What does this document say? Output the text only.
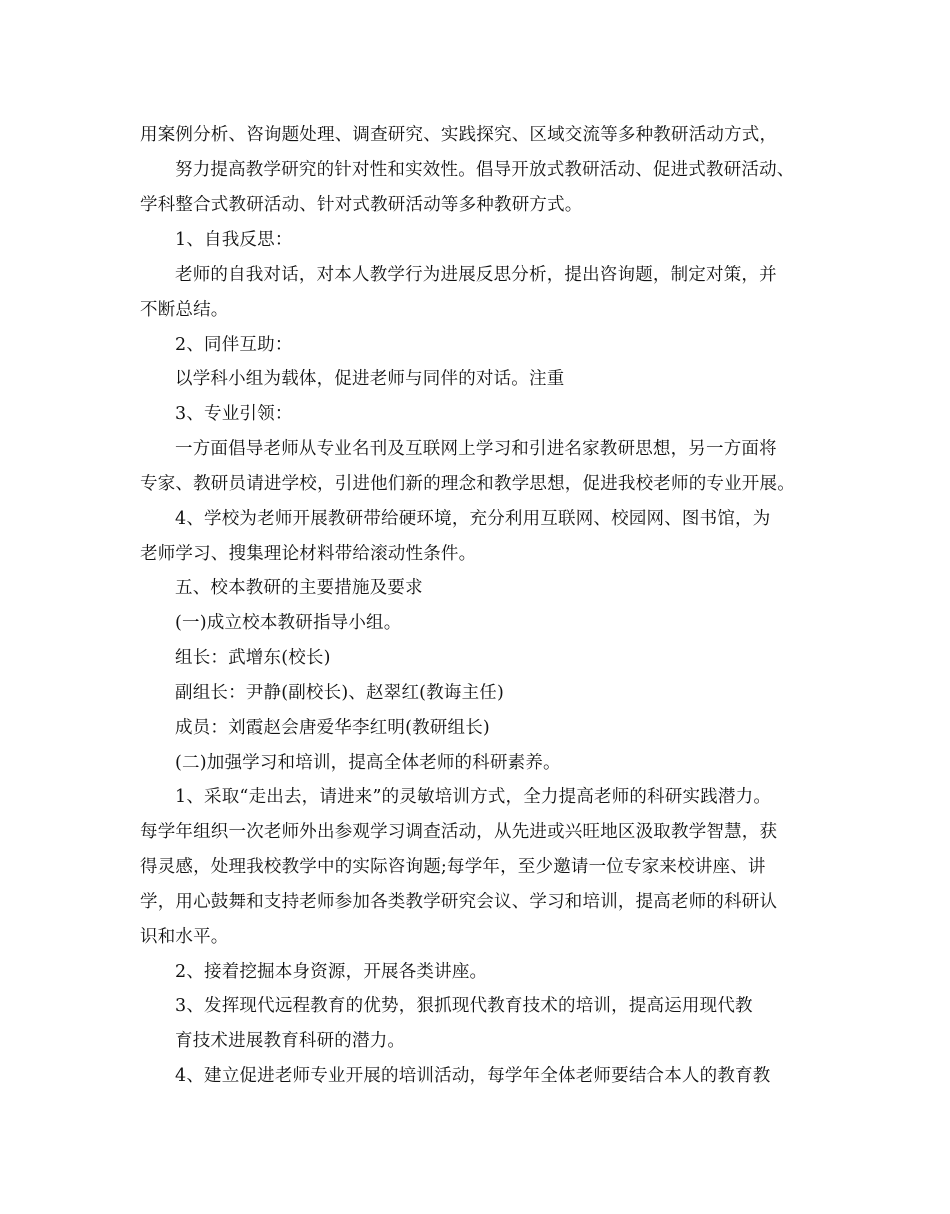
用案例分析、咨询题处理、调查研究、实践探究、区域交流等多种教研活动方式，
努力提高教学研究的针对性和实效性。倡导开放式教研活动、促进式教研活动、
学科整合式教研活动、针对式教研活动等多种教研方式。
1、自我反思：
老师的自我对话，对本人教学行为进展反思分析，提出咨询题，制定对策，并
不断总结。
2、同伴互助：
以学科小组为载体，促进老师与同伴的对话。注重
3、专业引领：
一方面倡导老师从专业名刊及互联网上学习和引进名家教研思想，另一方面将
专家、教研员请进学校，引进他们新的理念和教学思想，促进我校老师的专业开展。
4、学校为老师开展教研带给硬环境，充分利用互联网、校园网、图书馆，为
老师学习、搜集理论材料带给滚动性条件。
五、校本教研的主要措施及要求
(一)成立校本教研指导小组。
组长：武增东(校长)
副组长：尹静(副校长)、赵翠红(教诲主任)
成员：刘霞赵会唐爱华李红明(教研组长)
(二)加强学习和培训，提高全体老师的科研素养。
1、采取“走出去，请进来”的灵敏培训方式，全力提高老师的科研实践潜力。
每学年组织一次老师外出参观学习调查活动，从先进或兴旺地区汲取教学智慧，获
得灵感，处理我校教学中的实际咨询题;每学年，至少邀请一位专家来校讲座、讲
学，用心鼓舞和支持老师参加各类教学研究会议、学习和培训，提高老师的科研认
识和水平。
2、接着挖掘本身资源，开展各类讲座。
3、发挥现代远程教育的优势，狠抓现代教育技术的培训，提高运用现代教
育技术进展教育科研的潜力。
4、建立促进老师专业开展的培训活动，每学年全体老师要结合本人的教育教
